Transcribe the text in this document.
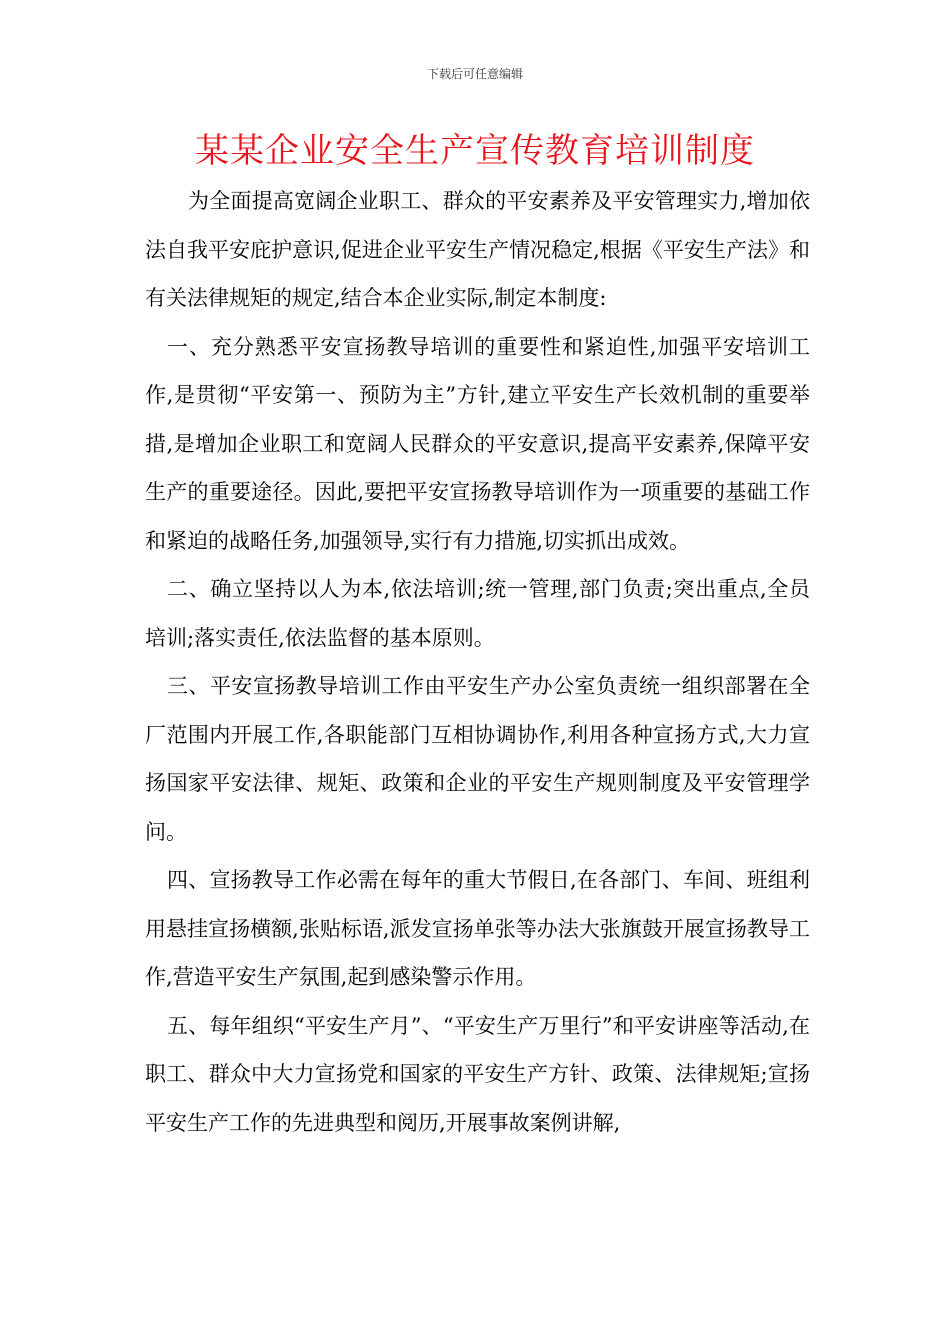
下载后可任意编辑
某某企业安全生产宣传教育培训制度

为全面提高宽阔企业职工、群众的平安素养及平安管理实力,增加依法自我平安庇护意识,促进企业平安生产情况稳定,根据《平安生产法》和有关法律规矩的规定,结合本企业实际,制定本制度:

一、充分熟悉平安宣扬教导培训的重要性和紧迫性,加强平安培训工作,是贯彻“平安第一、预防为主”方针,建立平安生产长效机制的重要举措,是增加企业职工和宽阔人民群众的平安意识,提高平安素养,保障平安生产的重要途径。因此,要把平安宣扬教导培训作为一项重要的基础工作和紧迫的战略任务,加强领导,实行有力措施,切实抓出成效。

二、确立坚持以人为本,依法培训;统一管理,部门负责;突出重点,全员培训;落实责任,依法监督的基本原则。

三、平安宣扬教导培训工作由平安生产办公室负责统一组织部署在全厂范围内开展工作,各职能部门互相协调协作,利用各种宣扬方式,大力宣扬国家平安法律、规矩、政策和企业的平安生产规则制度及平安管理学问。

四、宣扬教导工作必需在每年的重大节假日,在各部门、车间、班组利用悬挂宣扬横额,张贴标语,派发宣扬单张等办法大张旗鼓开展宣扬教导工作,营造平安生产氛围,起到感染警示作用。

五、每年组织“平安生产月”、“平安生产万里行”和平安讲座等活动,在职工、群众中大力宣扬党和国家的平安生产方针、政策、法律规矩;宣扬平安生产工作的先进典型和阅历,开展事故案例讲解,
